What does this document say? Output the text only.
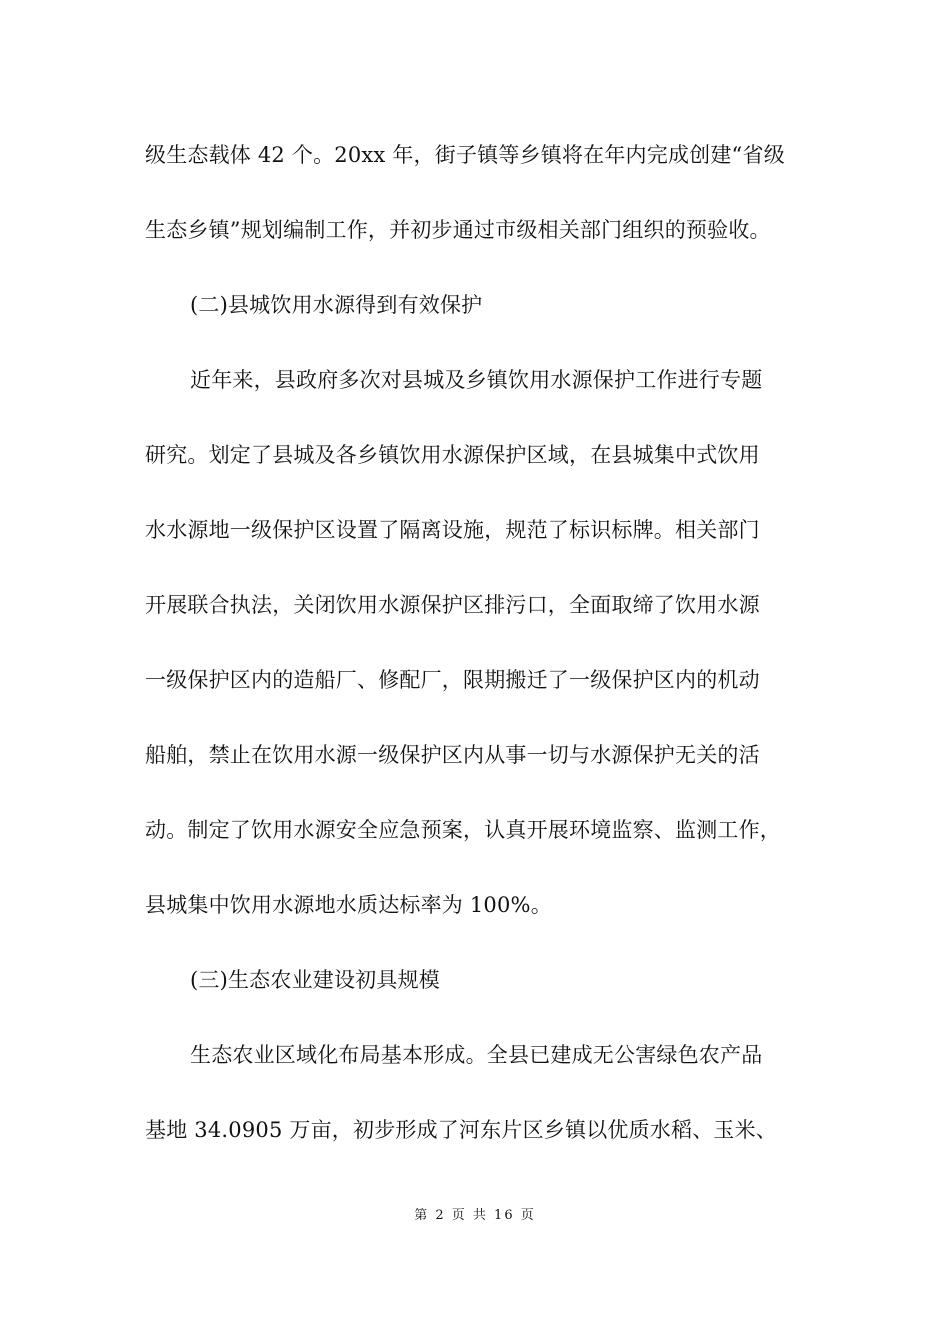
级生态载体 42 个。20xx 年，街子镇等乡镇将在年内完成创建“省级
生态乡镇”规划编制工作，并初步通过市级相关部门组织的预验收。
(二)县城饮用水源得到有效保护
近年来，县政府多次对县城及乡镇饮用水源保护工作进行专题
研究。划定了县城及各乡镇饮用水源保护区域，在县城集中式饮用
水水源地一级保护区设置了隔离设施，规范了标识标牌。相关部门
开展联合执法，关闭饮用水源保护区排污口，全面取缔了饮用水源
一级保护区内的造船厂、修配厂，限期搬迁了一级保护区内的机动
船舶，禁止在饮用水源一级保护区内从事一切与水源保护无关的活
动。制定了饮用水源安全应急预案，认真开展环境监察、监测工作，
县城集中饮用水源地水质达标率为 100%。
(三)生态农业建设初具规模
生态农业区域化布局基本形成。全县已建成无公害绿色农产品
基地 34.0905 万亩，初步形成了河东片区乡镇以优质水稻、玉米、
第 2 页 共 16 页
